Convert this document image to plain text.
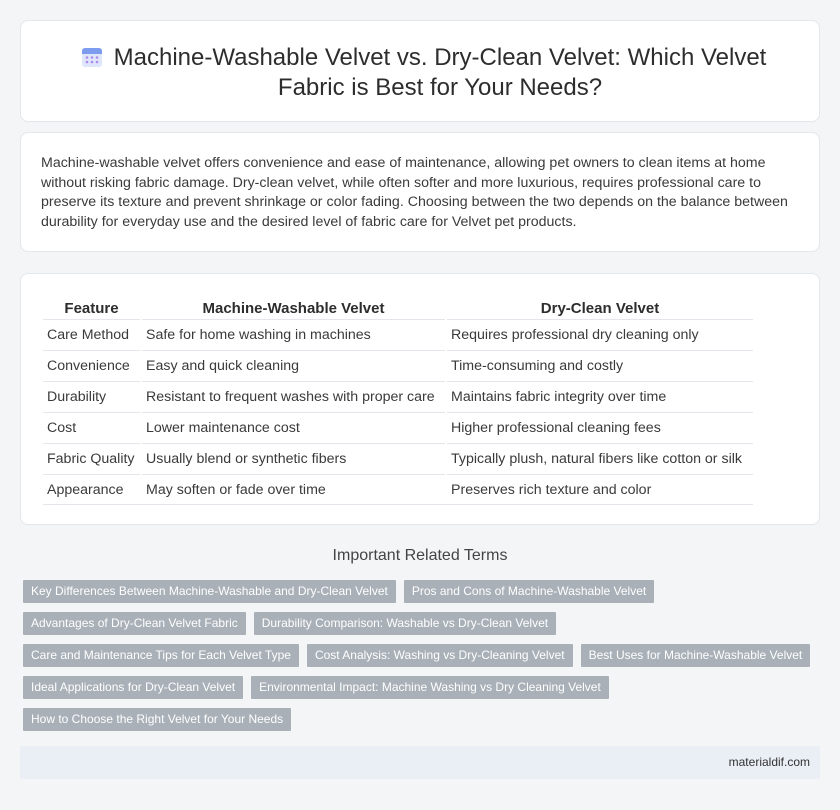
Machine-Washable Velvet vs. Dry-Clean Velvet: Which Velvet Fabric is Best for Your Needs?

Machine-washable velvet offers convenience and ease of maintenance, allowing pet owners to clean items at home without risking fabric damage. Dry-clean velvet, while often softer and more luxurious, requires professional care to preserve its texture and prevent shrinkage or color fading. Choosing between the two depends on the balance between durability for everyday use and the desired level of fabric care for Velvet pet products.

Feature		Machine-Washable Velvet		Dry-Clean Velvet
Care Method		Safe for home washing in machines		Requires professional dry cleaning only
Convenience		Easy and quick cleaning		Time-consuming and costly
Durability		Resistant to frequent washes with proper care		Maintains fabric integrity over time
Cost		Lower maintenance cost		Higher professional cleaning fees
Fabric Quality		Usually blend or synthetic fibers		Typically plush, natural fibers like cotton or silk
Appearance		May soften or fade over time		Preserves rich texture and color
Important Related Terms
Key Differences Between Machine-Washable and Dry-Clean Velvet	Pros and Cons of Machine-Washable Velvet
Advantages of Dry-Clean Velvet Fabric	Durability Comparison: Washable vs Dry-Clean Velvet
Care and Maintenance Tips for Each Velvet Type	Cost Analysis: Washing vs Dry-Cleaning Velvet	Best Uses for Machine-Washable Velvet
Ideal Applications for Dry-Clean Velvet	Environmental Impact: Machine Washing vs Dry Cleaning Velvet
How to Choose the Right Velvet for Your Needs
materialdif.com
